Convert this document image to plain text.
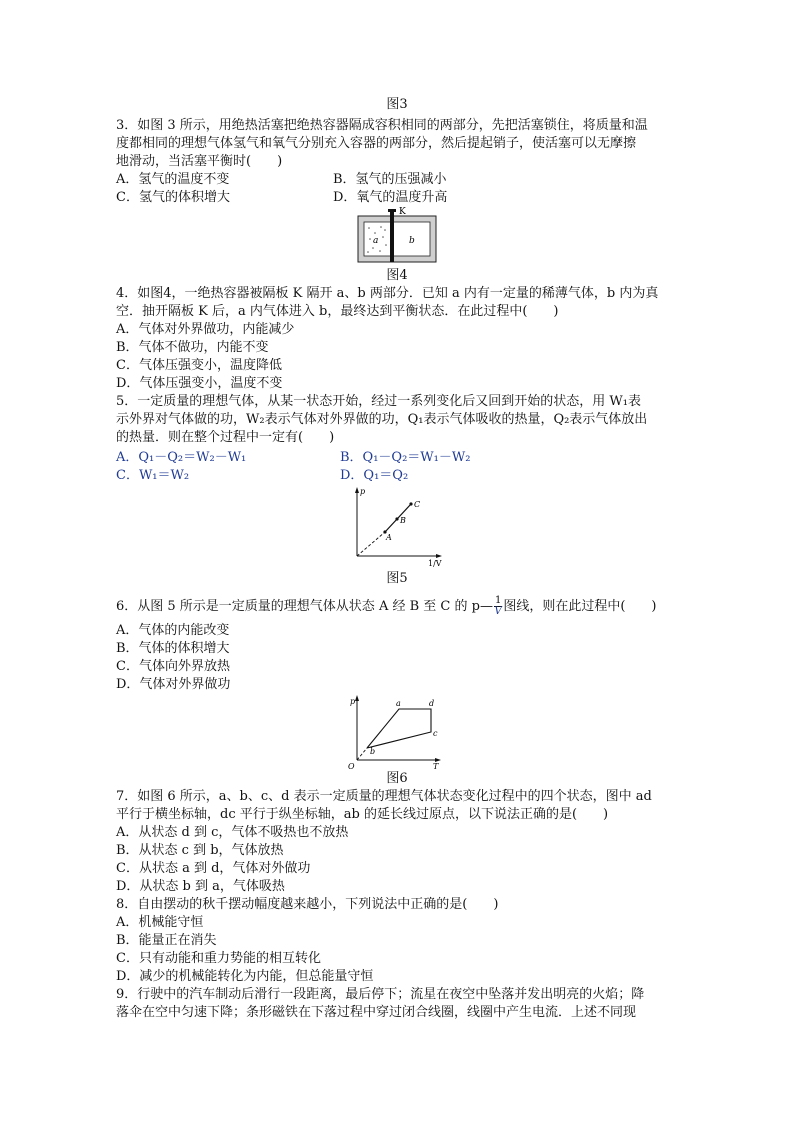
图3
3．如图 3 所示，用绝热活塞把绝热容器隔成容积相同的两部分，先把活塞锁住，将质量和温
度都相同的理想气体氢气和氧气分别充入容器的两部分，然后提起销子，使活塞可以无摩擦
地滑动，当活塞平衡时(　　)
A．氢气的温度不变	B．氢气的压强减小
C．氢气的体积增大	D．氧气的温度升高
K
a	b
图4
4．如图4，一绝热容器被隔板 K 隔开 a、b 两部分．已知 a 内有一定量的稀薄气体，b 内为真
空．抽开隔板 K 后，a 内气体进入 b，最终达到平衡状态．在此过程中(　　)
A．气体对外界做功，内能减少
B．气体不做功，内能不变
C．气体压强变小，温度降低
D．气体压强变小，温度不变
5．一定质量的理想气体，从某一状态开始，经过一系列变化后又回到开始的状态，用 W₁表
示外界对气体做的功，W₂表示气体对外界做的功，Q₁表示气体吸收的热量，Q₂表示气体放出
的热量．则在整个过程中一定有(　　)
A．Q₁－Q₂＝W₂－W₁	B．Q₁－Q₂＝W₁－W₂
C．W₁＝W₂	D．Q₁＝Q₂
p
1/V
A
B
C
图5
6．从图 5 所示是一定质量的理想气体从状态 A 经 B 至 C 的 p— $\frac{1}{V}$ 图线，则在此过程中(　　)
A．气体的内能改变
B．气体的体积增大
C．气体向外界放热
D．气体对外界做功
p
O	T
a	d
c
b
图6
7．如图 6 所示，a、b、c、d 表示一定质量的理想气体状态变化过程中的四个状态，图中 ad
平行于横坐标轴，dc 平行于纵坐标轴，ab 的延长线过原点，以下说法正确的是(　　)
A．从状态 d 到 c，气体不吸热也不放热
B．从状态 c 到 b，气体放热
C．从状态 a 到 d，气体对外做功
D．从状态 b 到 a，气体吸热
8．自由摆动的秋千摆动幅度越来越小，下列说法中正确的是(　　)
A．机械能守恒
B．能量正在消失
C．只有动能和重力势能的相互转化
D．减少的机械能转化为内能，但总能量守恒
9．行驶中的汽车制动后滑行一段距离，最后停下；流星在夜空中坠落并发出明亮的火焰；降
落伞在空中匀速下降；条形磁铁在下落过程中穿过闭合线圈，线圈中产生电流．上述不同现
